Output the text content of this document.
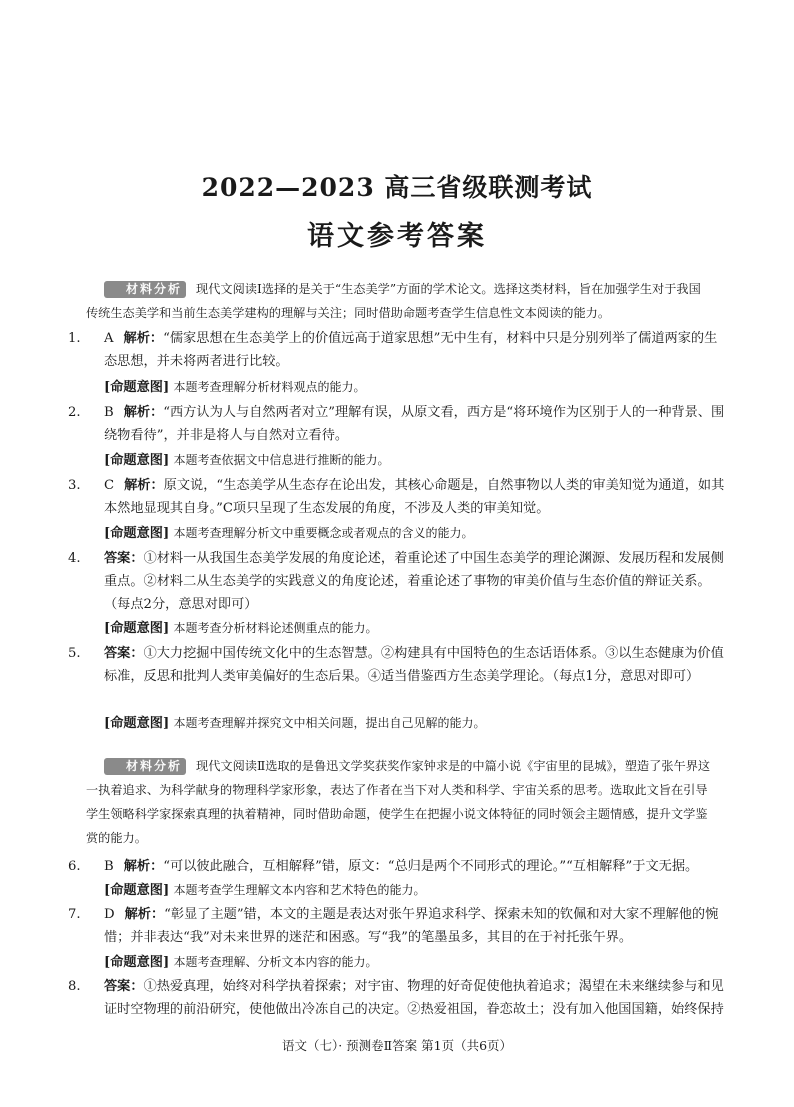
2022—2023 高三省级联测考试
语文参考答案

材料分析 现代文阅读Ⅰ选择的是关于“生态美学”方面的学术论文。选择这类材料，旨在加强学生对于我国传统生态美学和当前生态美学建构的理解与关注；同时借助命题考查学生信息性文本阅读的能力。

1. A 解析：“儒家思想在生态美学上的价值远高于道家思想”无中生有，材料中只是分别列举了儒道两家的生态思想，并未将两者进行比较。

[命题意图] 本题考查理解分析材料观点的能力。

2. B 解析：“西方认为人与自然两者对立”理解有误，从原文看，西方是“将环境作为区别于人的一种背景、围绕物看待”，并非是将人与自然对立看待。

[命题意图] 本题考查依据文中信息进行推断的能力。

3. C 解析：原文说，“生态美学从生态存在论出发，其核心命题是，自然事物以人类的审美知觉为通道，如其本然地显现其自身。”C项只呈现了生态发展的角度，不涉及人类的审美知觉。

[命题意图] 本题考查理解分析文中重要概念或者观点的含义的能力。

4. 答案：①材料一从我国生态美学发展的角度论述，着重论述了中国生态美学的理论渊源、发展历程和发展侧重点。②材料二从生态美学的实践意义的角度论述，着重论述了事物的审美价值与生态价值的辩证关系。（每点2分，意思对即可）

[命题意图] 本题考查分析材料论述侧重点的能力。

5. 答案：①大力挖掘中国传统文化中的生态智慧。②构建具有中国特色的生态话语体系。③以生态健康为价值标准，反思和批判人类审美偏好的生态后果。④适当借鉴西方生态美学理论。（每点1分，意思对即可）

[命题意图] 本题考查理解并探究文中相关问题，提出自己见解的能力。

材料分析 现代文阅读Ⅱ选取的是鲁迅文学奖获奖作家钟求是的中篇小说《宇宙里的昆城》，塑造了张午界这一执着追求、为科学献身的物理科学家形象，表达了作者在当下对人类和科学、宇宙关系的思考。选取此文旨在引导学生领略科学家探索真理的执着精神，同时借助命题，使学生在把握小说文体特征的同时领会主题情感，提升文学鉴赏的能力。

6. B 解析：“可以彼此融合，互相解释”错，原文：“总归是两个不同形式的理论。”“互相解释”于文无据。

[命题意图] 本题考查学生理解文本内容和艺术特色的能力。

7. D 解析：“彰显了主题”错，本文的主题是表达对张午界追求科学、探索未知的钦佩和对大家不理解他的惋惜；并非表达“我”对未来世界的迷茫和困惑。写“我”的笔墨虽多，其目的在于衬托张午界。

[命题意图] 本题考查理解、分析文本内容的能力。

8. 答案：①热爱真理，始终对科学执着探索；对宇宙、物理的好奇促使他执着追求；渴望在未来继续参与和见证时空物理的前沿研究，使他做出冷冻自己的决定。②热爱祖国，眷恋故土；没有加入他国国籍，始终保持

语文（七）· 预测卷Ⅱ答案 第1页（共6页）
